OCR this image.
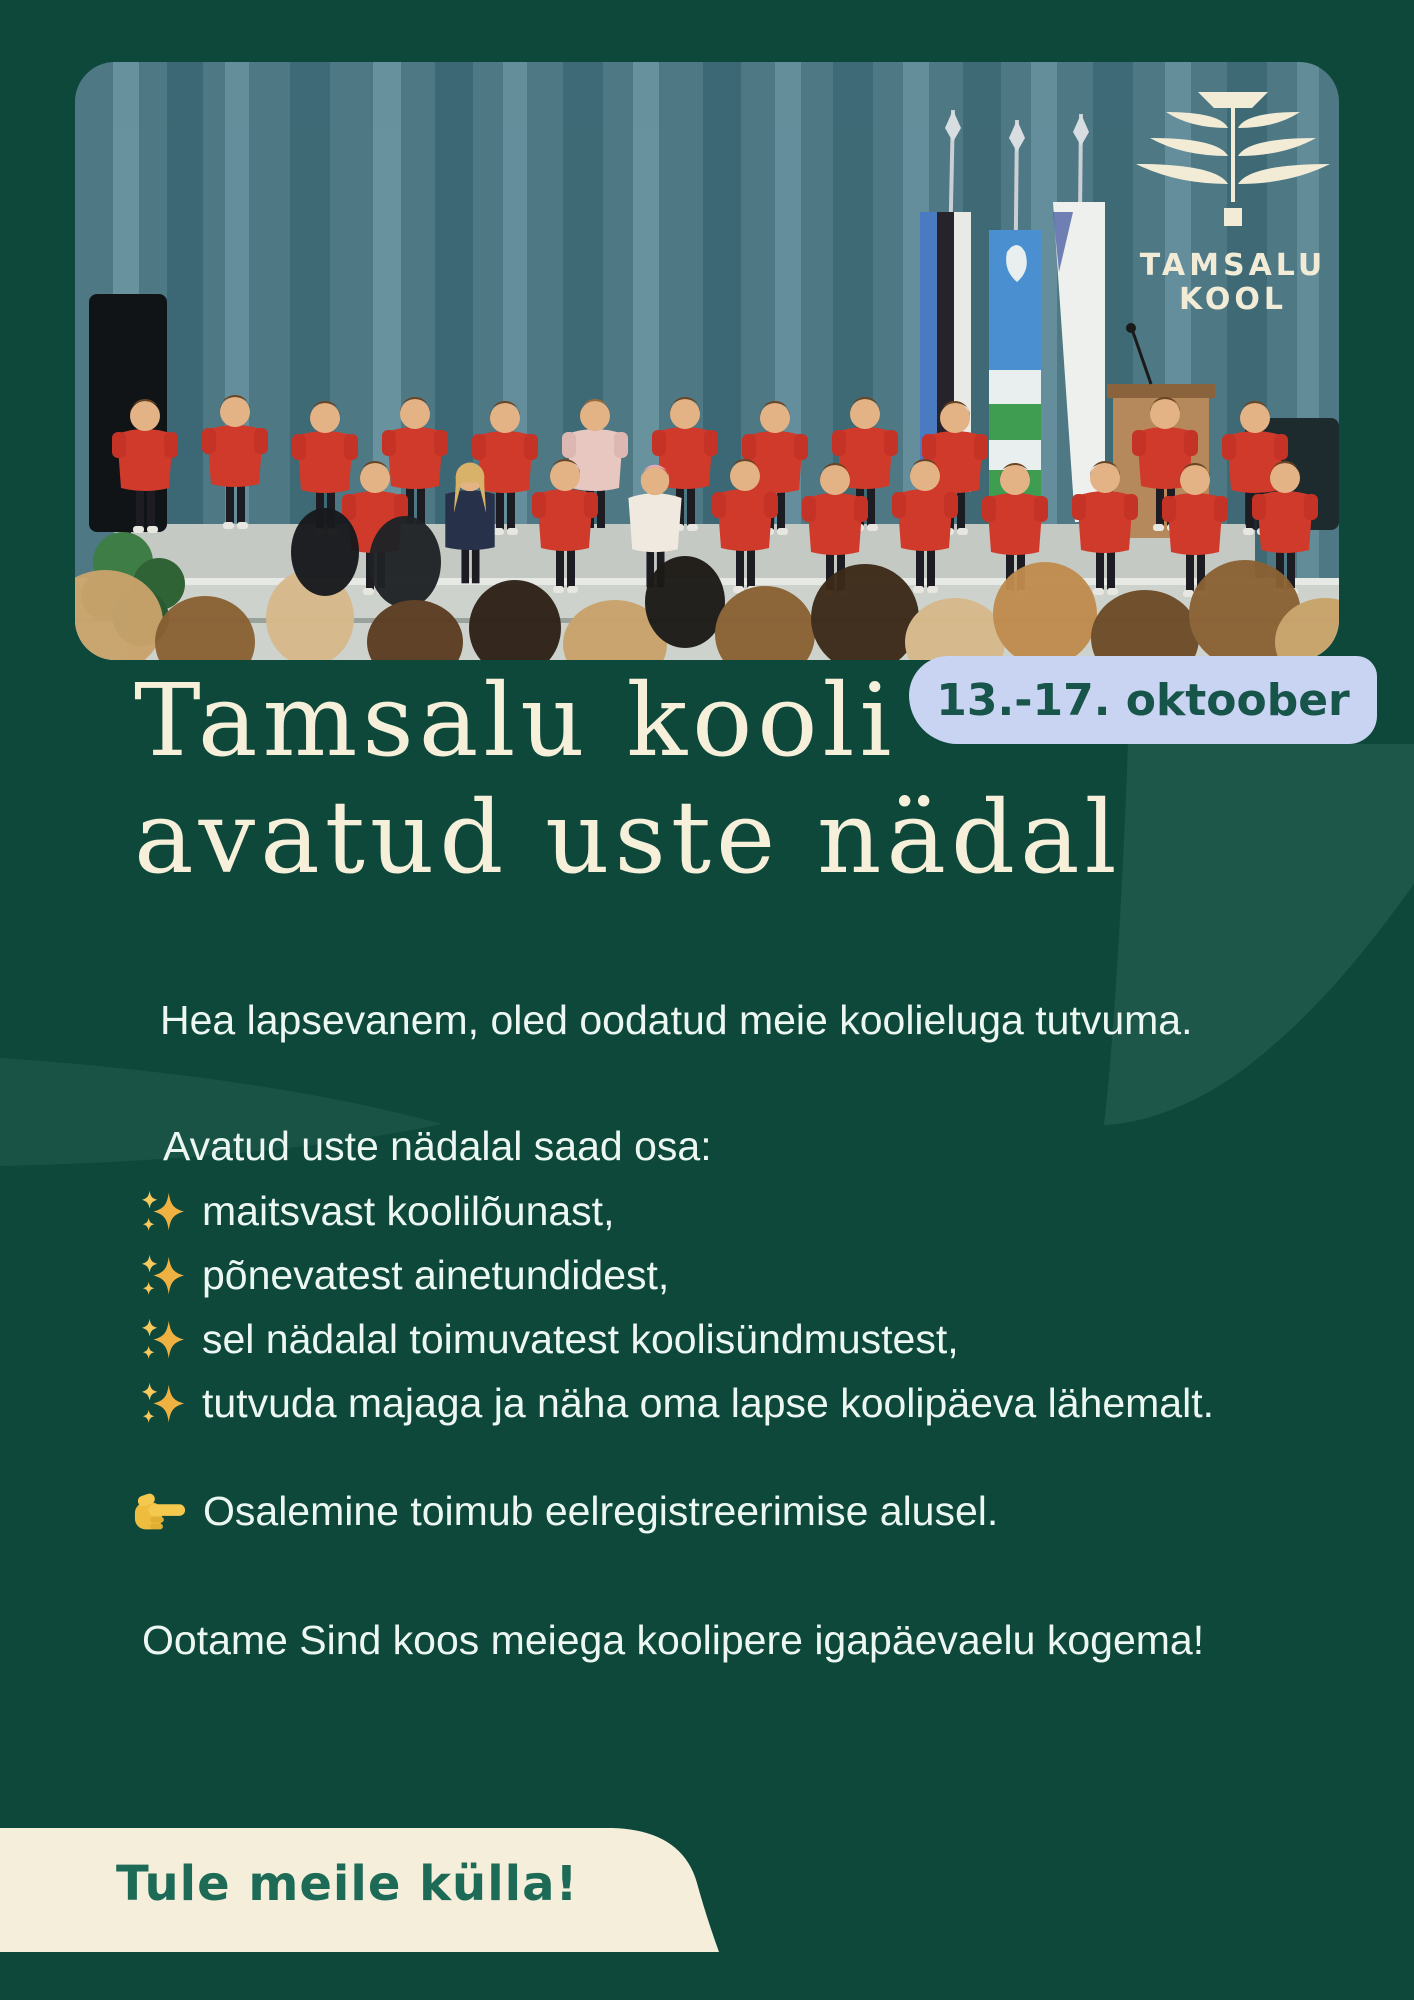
TAMSALU
KOOL
13.-17. oktoober
Tamsalu kooli
avatud uste nädal
Hea lapsevanem, oled oodatud meie koolieluga tutvuma.
Avatud uste nädalal saad osa:
maitsvast koolilõunast,
põnevatest ainetundidest,
sel nädalal toimuvatest koolisündmustest,
tutvuda majaga ja näha oma lapse koolipäeva lähemalt.
Osalemine toimub eelregistreerimise alusel.
Ootame Sind koos meiega koolipere igapäevaelu kogema!
Tule meile külla!
